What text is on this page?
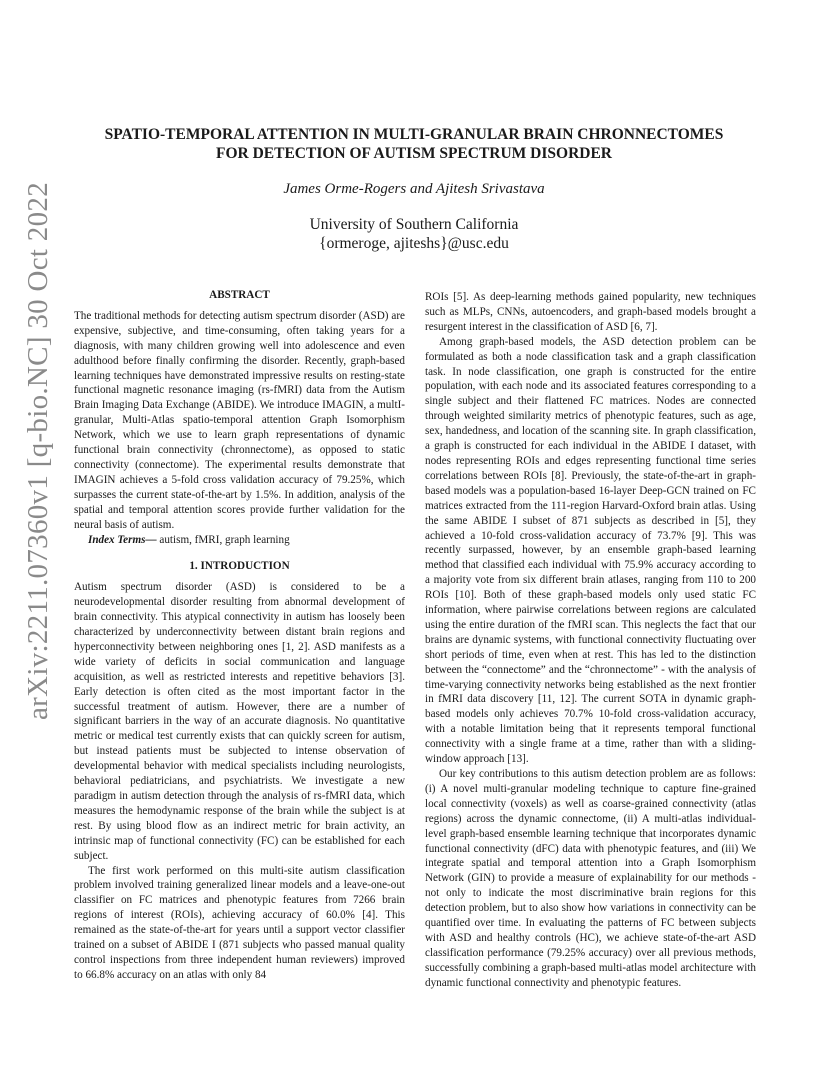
arXiv:2211.07360v1 [q-bio.NC] 30 Oct 2022
SPATIO-TEMPORAL ATTENTION IN MULTI-GRANULAR BRAIN CHRONNECTOMES
FOR DETECTION OF AUTISM SPECTRUM DISORDER
James Orme-Rogers and Ajitesh Srivastava
University of Southern California
{ormeroge, ajiteshs}@usc.edu
ABSTRACT

The traditional methods for detecting autism spectrum disorder (ASD) are expensive, subjective, and time-consuming, often taking years for a diagnosis, with many children growing well into adolescence and even adulthood before finally confirming the disorder. Recently, graph-based learning techniques have demonstrated impressive results on resting-state functional magnetic resonance imaging (rs-fMRI) data from the Autism Brain Imaging Data Exchange (ABIDE). We introduce IMAGIN, a multI-granular, Multi-Atlas spatio-temporal attention Graph Isomorphism Network, which we use to learn graph representations of dynamic functional brain connectivity (chronnectome), as opposed to static connectivity (connectome). The experimental results demonstrate that IMAGIN achieves a 5-fold cross validation accuracy of 79.25%, which surpasses the current state-of-the-art by 1.5%. In addition, analysis of the spatial and temporal attention scores provide further validation for the neural basis of autism.

Index Terms— autism, fMRI, graph learning

1. INTRODUCTION

Autism spectrum disorder (ASD) is considered to be a neurodevelopmental disorder resulting from abnormal development of brain connectivity. This atypical connectivity in autism has loosely been characterized by underconnectivity between distant brain regions and hyperconnectivity between neighboring ones [1, 2]. ASD manifests as a wide variety of deficits in social communication and language acquisition, as well as restricted interests and repetitive behaviors [3]. Early detection is often cited as the most important factor in the successful treatment of autism. However, there are a number of significant barriers in the way of an accurate diagnosis. No quantitative metric or medical test currently exists that can quickly screen for autism, but instead patients must be subjected to intense observation of developmental behavior with medical specialists including neurologists, behavioral pediatricians, and psychiatrists. We investigate a new paradigm in autism detection through the analysis of rs-fMRI data, which measures the hemodynamic response of the brain while the subject is at rest. By using blood flow as an indirect metric for brain activity, an intrinsic map of functional connectivity (FC) can be established for each subject.

The first work performed on this multi-site autism classification problem involved training generalized linear models and a leave-one-out classifier on FC matrices and phenotypic features from 7266 brain regions of interest (ROIs), achieving accuracy of 60.0% [4]. This remained as the state-of-the-art for years until a support vector classifier trained on a subset of ABIDE I (871 subjects who passed manual quality control inspections from three independent human reviewers) improved to 66.8% accuracy on an atlas with only 84

ROIs [5]. As deep-learning methods gained popularity, new techniques such as MLPs, CNNs, autoencoders, and graph-based models brought a resurgent interest in the classification of ASD [6, 7].

Among graph-based models, the ASD detection problem can be formulated as both a node classification task and a graph classification task. In node classification, one graph is constructed for the entire population, with each node and its associated features corresponding to a single subject and their flattened FC matrices. Nodes are connected through weighted similarity metrics of phenotypic features, such as age, sex, handedness, and location of the scanning site. In graph classification, a graph is constructed for each individual in the ABIDE I dataset, with nodes representing ROIs and edges representing functional time series correlations between ROIs [8]. Previously, the state-of-the-art in graph-based models was a population-based 16-layer Deep-GCN trained on FC matrices extracted from the 111-region Harvard-Oxford brain atlas. Using the same ABIDE I subset of 871 subjects as described in [5], they achieved a 10-fold cross-validation accuracy of 73.7% [9]. This was recently surpassed, however, by an ensemble graph-based learning method that classified each individual with 75.9% accuracy according to a majority vote from six different brain atlases, ranging from 110 to 200 ROIs [10]. Both of these graph-based models only used static FC information, where pairwise correlations between regions are calculated using the entire duration of the fMRI scan. This neglects the fact that our brains are dynamic systems, with functional connectivity fluctuating over short periods of time, even when at rest. This has led to the distinction between the “connectome” and the “chronnectome” - with the analysis of time-varying connectivity networks being established as the next frontier in fMRI data discovery [11, 12]. The current SOTA in dynamic graph-based models only achieves 70.7% 10-fold cross-validation accuracy, with a notable limitation being that it represents temporal functional connectivity with a single frame at a time, rather than with a sliding-window approach [13].

Our key contributions to this autism detection problem are as follows: (i) A novel multi-granular modeling technique to capture fine-grained local connectivity (voxels) as well as coarse-grained connectivity (atlas regions) across the dynamic connectome, (ii) A multi-atlas individual-level graph-based ensemble learning technique that incorporates dynamic functional connectivity (dFC) data with phenotypic features, and (iii) We integrate spatial and temporal attention into a Graph Isomorphism Network (GIN) to provide a measure of explainability for our methods - not only to indicate the most discriminative brain regions for this detection problem, but to also show how variations in connectivity can be quantified over time. In evaluating the patterns of FC between subjects with ASD and healthy controls (HC), we achieve state-of-the-art ASD classification performance (79.25% accuracy) over all previous methods, successfully combining a graph-based multi-atlas model architecture with dynamic functional connectivity and phenotypic features.
